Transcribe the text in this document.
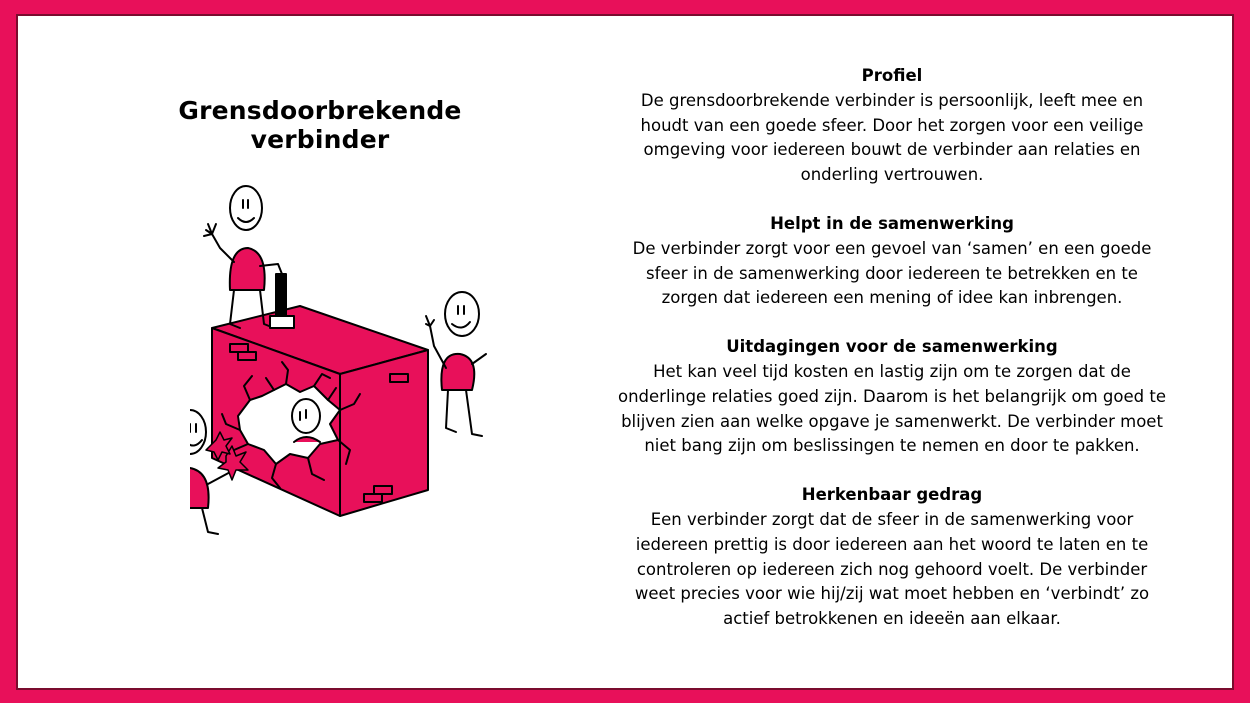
Grensdoorbrekende verbinder
Profiel

De grensdoorbrekende verbinder is persoonlijk, leeft mee en
houdt van een goede sfeer. Door het zorgen voor een veilige
omgeving voor iedereen bouwt de verbinder aan relaties en
onderling vertrouwen.

Helpt in de samenwerking

De verbinder zorgt voor een gevoel van ‘samen’ en een goede
sfeer in de samenwerking door iedereen te betrekken en te
zorgen dat iedereen een mening of idee kan inbrengen.

Uitdagingen voor de samenwerking

Het kan veel tijd kosten en lastig zijn om te zorgen dat de
onderlinge relaties goed zijn. Daarom is het belangrijk om goed te
blijven zien aan welke opgave je samenwerkt. De verbinder moet
niet bang zijn om beslissingen te nemen en door te pakken.

Herkenbaar gedrag

Een verbinder zorgt dat de sfeer in de samenwerking voor
iedereen prettig is door iedereen aan het woord te laten en te
controleren op iedereen zich nog gehoord voelt. De verbinder
weet precies voor wie hij/zij wat moet hebben en ‘verbindt’ zo
actief betrokkenen en ideeën aan elkaar.
